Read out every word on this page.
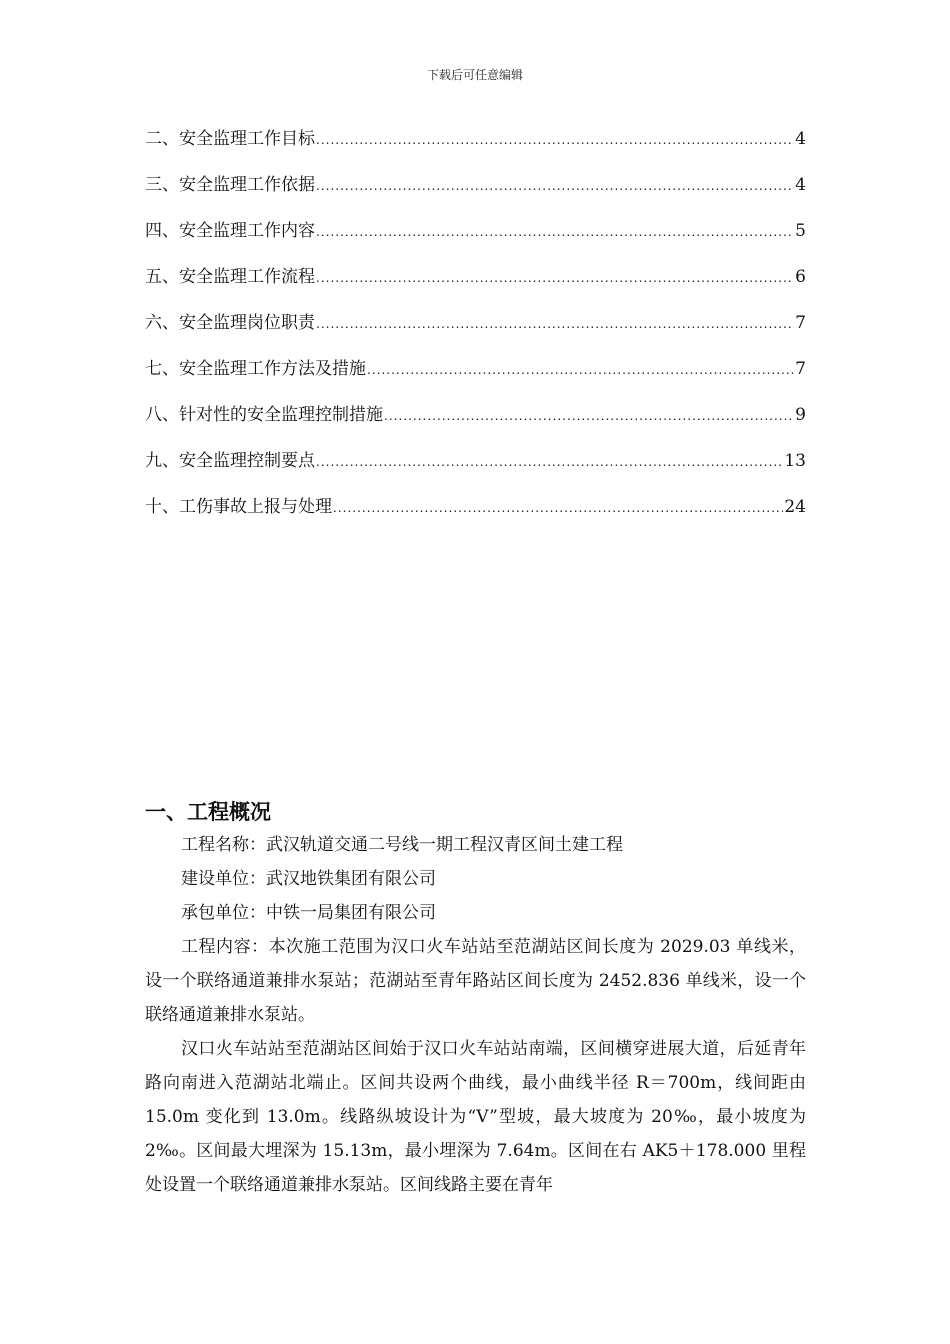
下载后可任意编辑
二、安全监理工作目标 .....	4
三、安全监理工作依据 .....	4
四、安全监理工作内容 .....	5
五、安全监理工作流程 .....	6
六、安全监理岗位职责 .....	7
七、安全监理工作方法及措施 .....	7
八、针对性的安全监理控制措施 .....	9
九、安全监理控制要点 .....	13
十、工伤事故上报与处理 .....	24
一、工程概况

工程名称：武汉轨道交通二号线一期工程汉青区间土建工程

建设单位：武汉地铁集团有限公司

承包单位：中铁一局集团有限公司

工程内容：本次施工范围为汉口火车站站至范湖站区间长度为 2029.03 单线米，设一个联络通道兼排水泵站；范湖站至青年路站区间长度为 2452.836 单线米，设一个联络通道兼排水泵站。

汉口火车站站至范湖站区间始于汉口火车站站南端，区间横穿进展大道，后延青年路向南进入范湖站北端止。区间共设两个曲线，最小曲线半径 R＝700m，线间距由 15.0m 变化到 13.0m。线路纵坡设计为“V”型坡，最大坡度为 20‰，最小坡度为 2‰。区间最大埋深为 15.13m，最小埋深为 7.64m。区间在右 AK5＋178.000 里程处设置一个联络通道兼排水泵站。区间线路主要在青年
